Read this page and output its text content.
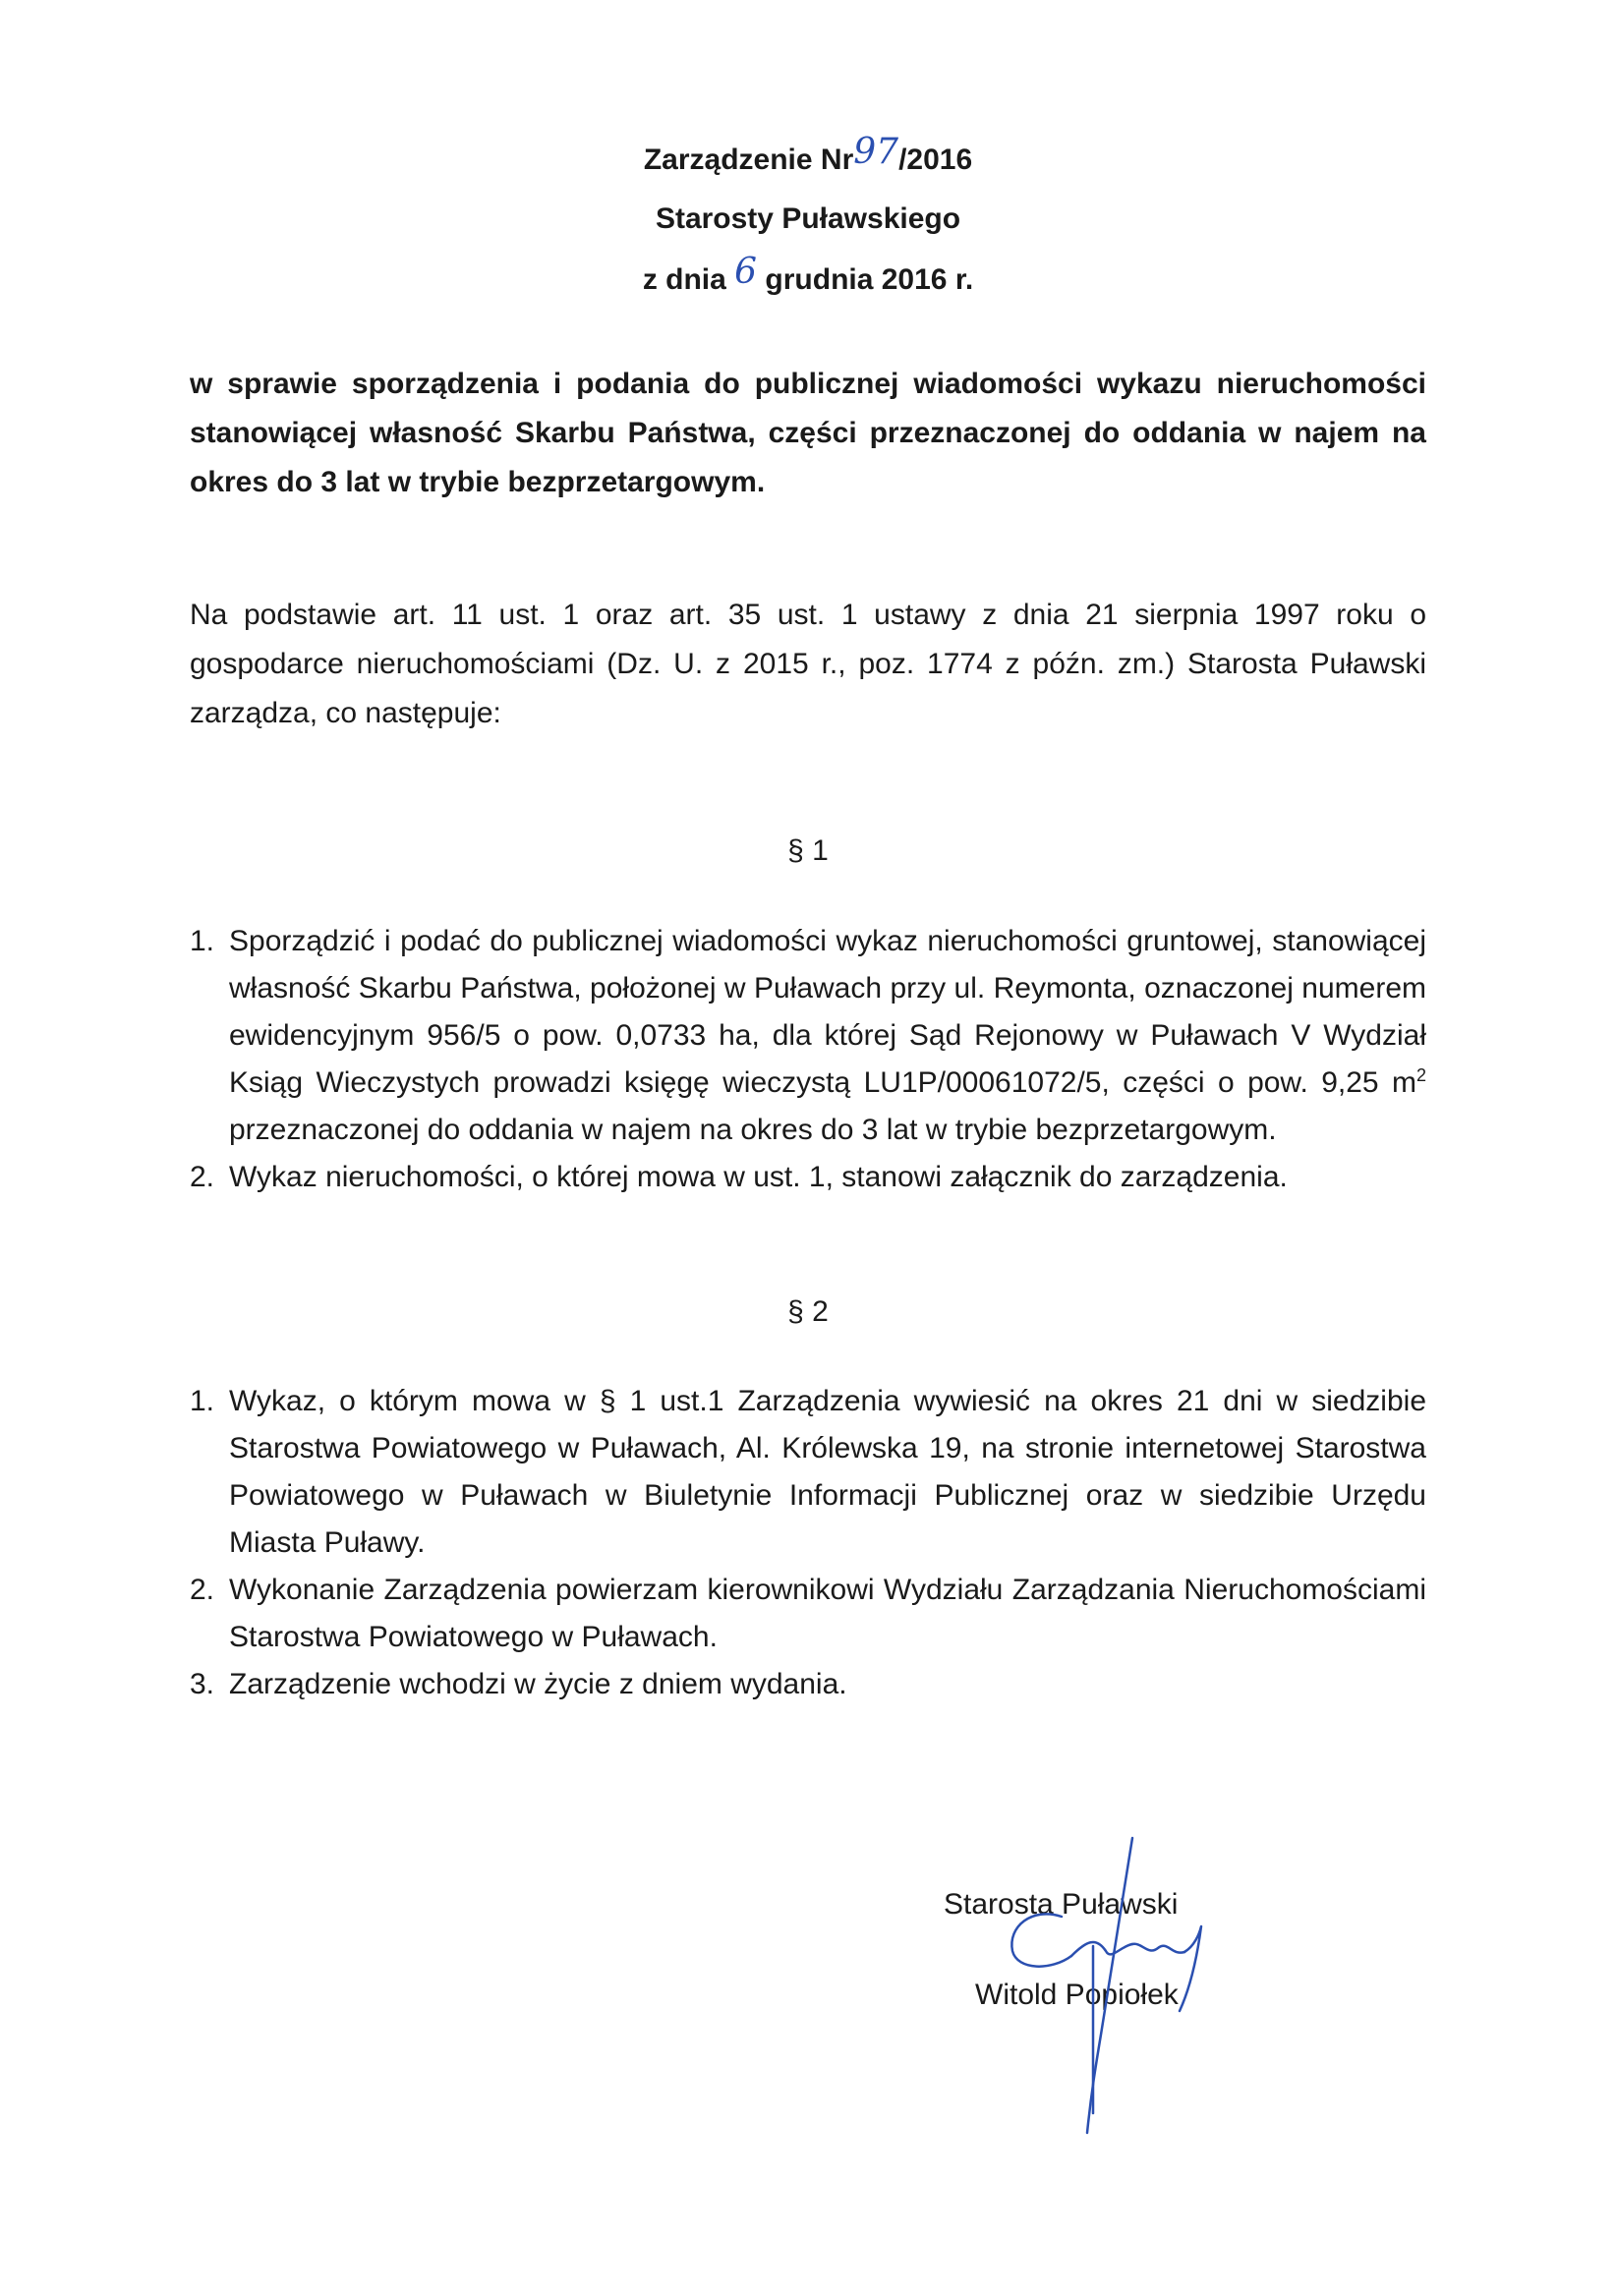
Zarządzenie Nr97/2016
Starosty Puławskiego
z dnia 6 grudnia 2016 r.
w sprawie sporządzenia i podania do publicznej wiadomości wykazu nieruchomości stanowiącej własność Skarbu Państwa, części przeznaczonej do oddania w najem na okres do 3 lat w trybie bezprzetargowym.
Na podstawie art. 11 ust. 1 oraz art. 35 ust. 1 ustawy z dnia 21 sierpnia 1997 roku o gospodarce nieruchomościami (Dz. U. z 2015 r., poz. 1774 z późn. zm.) Starosta Puławski zarządza, co następuje:
§ 1
1. Sporządzić i podać do publicznej wiadomości wykaz nieruchomości gruntowej, stanowiącej własność Skarbu Państwa, położonej w Puławach przy ul. Reymonta, oznaczonej numerem ewidencyjnym 956/5 o pow. 0,0733 ha, dla której Sąd Rejonowy w Puławach V Wydział Ksiąg Wieczystych prowadzi księgę wieczystą LU1P/00061072/5, części o pow. 9,25 $m^2$ przeznaczonej do oddania w najem na okres do 3 lat w trybie bezprzetargowym.
2. Wykaz nieruchomości, o której mowa w ust. 1, stanowi załącznik do zarządzenia.
§ 2
1. Wykaz, o którym mowa w § 1 ust.1 Zarządzenia wywiesić na okres 21 dni w siedzibie Starostwa Powiatowego w Puławach, Al. Królewska 19, na stronie internetowej Starostwa Powiatowego w Puławach w Biuletynie Informacji Publicznej oraz w siedzibie Urzędu Miasta Puławy.
2. Wykonanie Zarządzenia powierzam kierownikowi Wydziału Zarządzania Nieruchomościami Starostwa Powiatowego w Puławach.
3. Zarządzenie wchodzi w życie z dniem wydania.
Starosta Puławski
Witold Popiołek
